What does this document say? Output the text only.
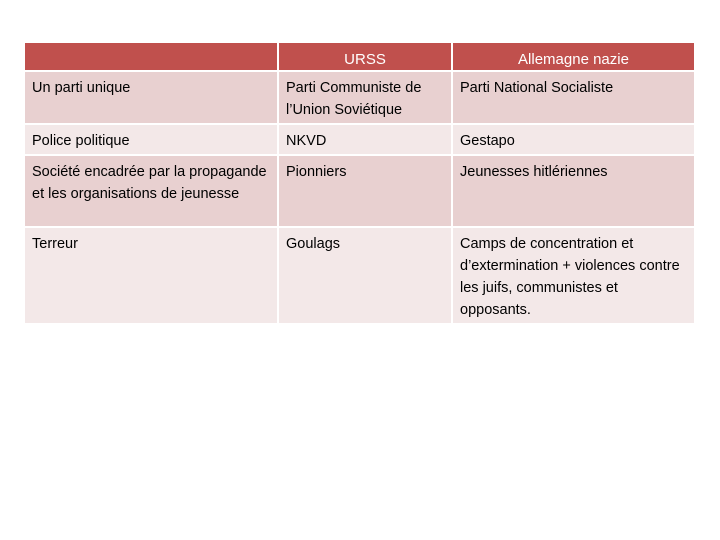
	URSS	Allemagne nazie
Un parti unique	Parti Communiste de l’Union Soviétique	Parti National Socialiste
Police politique	NKVD	Gestapo
Société encadrée par la propagande et les organisations de jeunesse	Pionniers	Jeunesses hitlériennes
Terreur	Goulags	Camps de concentration et d’extermination + violences contre les juifs, communistes et opposants.
